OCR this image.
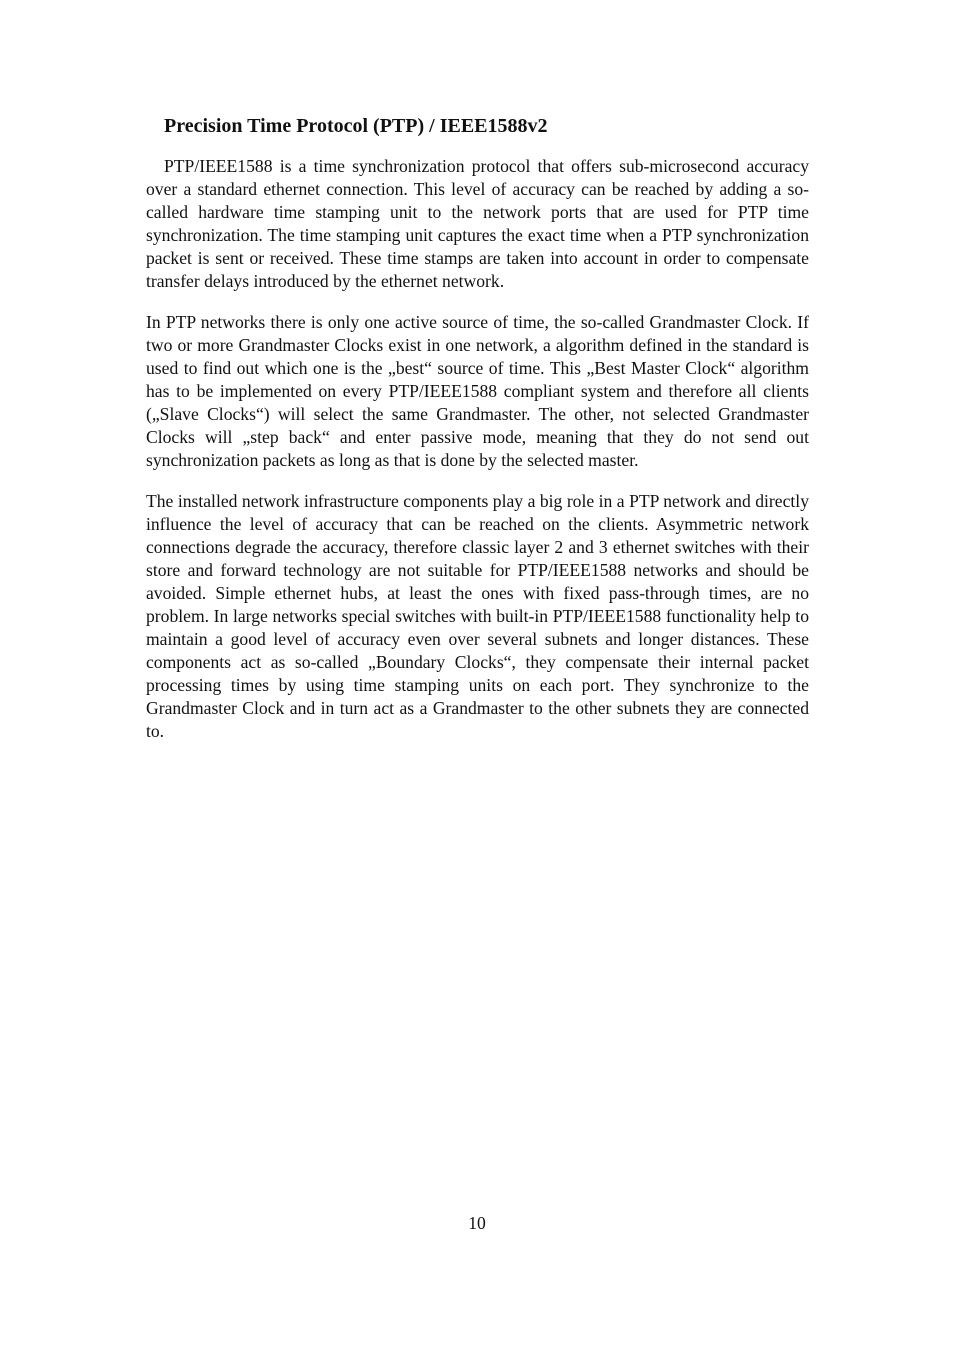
Precision Time Protocol (PTP) / IEEE1588v2

PTP/IEEE1588 is a time synchronization protocol that offers sub-microsecond accuracy over a standard ethernet connection. This level of accuracy can be reached by adding a so-called hardware time stamping unit to the network ports that are used for PTP time synchronization. The time stamping unit captures the exact time when a PTP synchronization packet is sent or received. These time stamps are taken into account in order to compensate transfer delays introduced by the ethernet network.

In PTP networks there is only one active source of time, the so-called Grandmaster Clock. If two or more Grandmaster Clocks exist in one network, a algorithm defined in the standard is used to find out which one is the „best“ source of time. This „Best Master Clock“ algorithm has to be implemented on every PTP/IEEE1588 compliant system and therefore all clients („Slave Clocks“) will select the same Grandmaster. The other, not selected Grandmaster Clocks will „step back“ and enter passive mode, meaning that they do not send out synchronization packets as long as that is done by the selected master.

The installed network infrastructure components play a big role in a PTP network and directly influence the level of accuracy that can be reached on the clients. Asymmetric network connections degrade the accuracy, therefore classic layer 2 and 3 ethernet switches with their store and forward technology are not suitable for PTP/IEEE1588 networks and should be avoided. Simple ethernet hubs, at least the ones with fixed pass-through times, are no problem. In large networks special switches with built-in PTP/IEEE1588 functionality help to maintain a good level of accuracy even over several subnets and longer distances. These components act as so-called „Boundary Clocks“, they compensate their internal packet processing times by using time stamping units on each port. They synchronize to the Grandmaster Clock and in turn act as a Grandmaster to the other subnets they are connected to.

10
